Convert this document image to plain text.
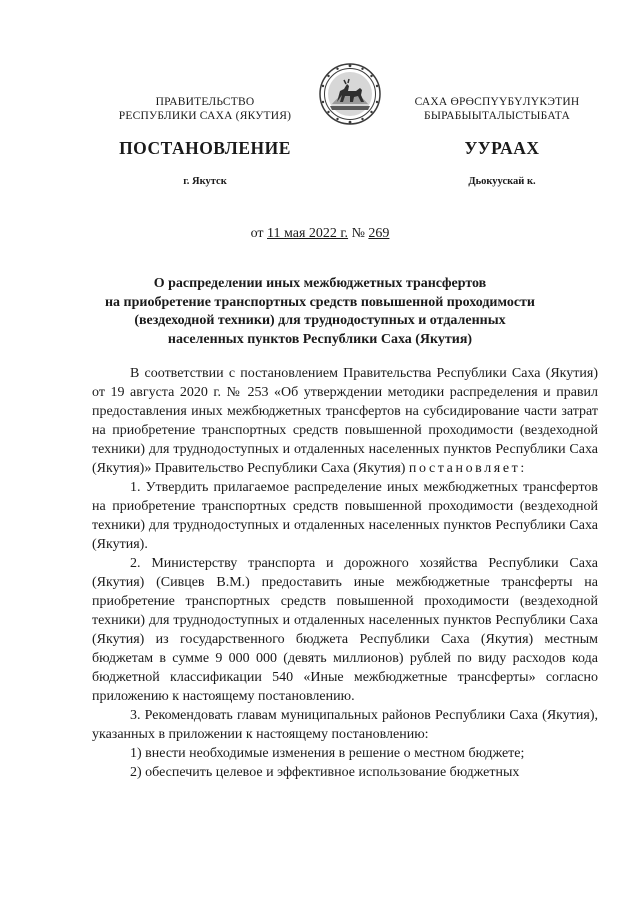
ПРАВИТЕЛЬСТВО
РЕСПУБЛИКИ САХА (ЯКУТИЯ)
САХА ӨРӨСПҮҮБҮЛҮКЭТИН
БЫРАБЫЫТАЛЫСТЫБАТА
ПОСТАНОВЛЕНИЕ	УУРААХ
г. Якутск	Дьокуускай к.
от 11 мая 2022 г. № 269
О распределении иных межбюджетных трансфертов
на приобретение транспортных средств повышенной проходимости
(вездеходной техники) для труднодоступных и отдаленных
населенных пунктов Республики Саха (Якутия)

В соответствии с постановлением Правительства Республики Саха (Якутия) от 19 августа 2020 г. № 253 «Об утверждении методики распределения и правил предоставления иных межбюджетных трансфертов на субсидирование части затрат на приобретение транспортных средств повышенной проходимости (вездеходной техники) для труднодоступных и отдаленных населенных пунктов Республики Саха (Якутия)» Правительство Республики Саха (Якутия) постановляет:

1. Утвердить прилагаемое распределение иных межбюджетных трансфертов на приобретение транспортных средств повышенной проходимости (вездеходной техники) для труднодоступных и отдаленных населенных пунктов Республики Саха (Якутия).

2. Министерству транспорта и дорожного хозяйства Республики Саха (Якутия) (Сивцев В.М.) предоставить иные межбюджетные трансферты на приобретение транспортных средств повышенной проходимости (вездеходной техники) для труднодоступных и отдаленных населенных пунктов Республики Саха (Якутия) из государственного бюджета Республики Саха (Якутия) местным бюджетам в сумме 9 000 000 (девять миллионов) рублей по виду расходов кода бюджетной классификации 540 «Иные межбюджетные трансферты» согласно приложению к настоящему постановлению.

3. Рекомендовать главам муниципальных районов Республики Саха (Якутия), указанных в приложении к настоящему постановлению:

1) внести необходимые изменения в решение о местном бюджете;

2) обеспечить целевое и эффективное использование бюджетных
